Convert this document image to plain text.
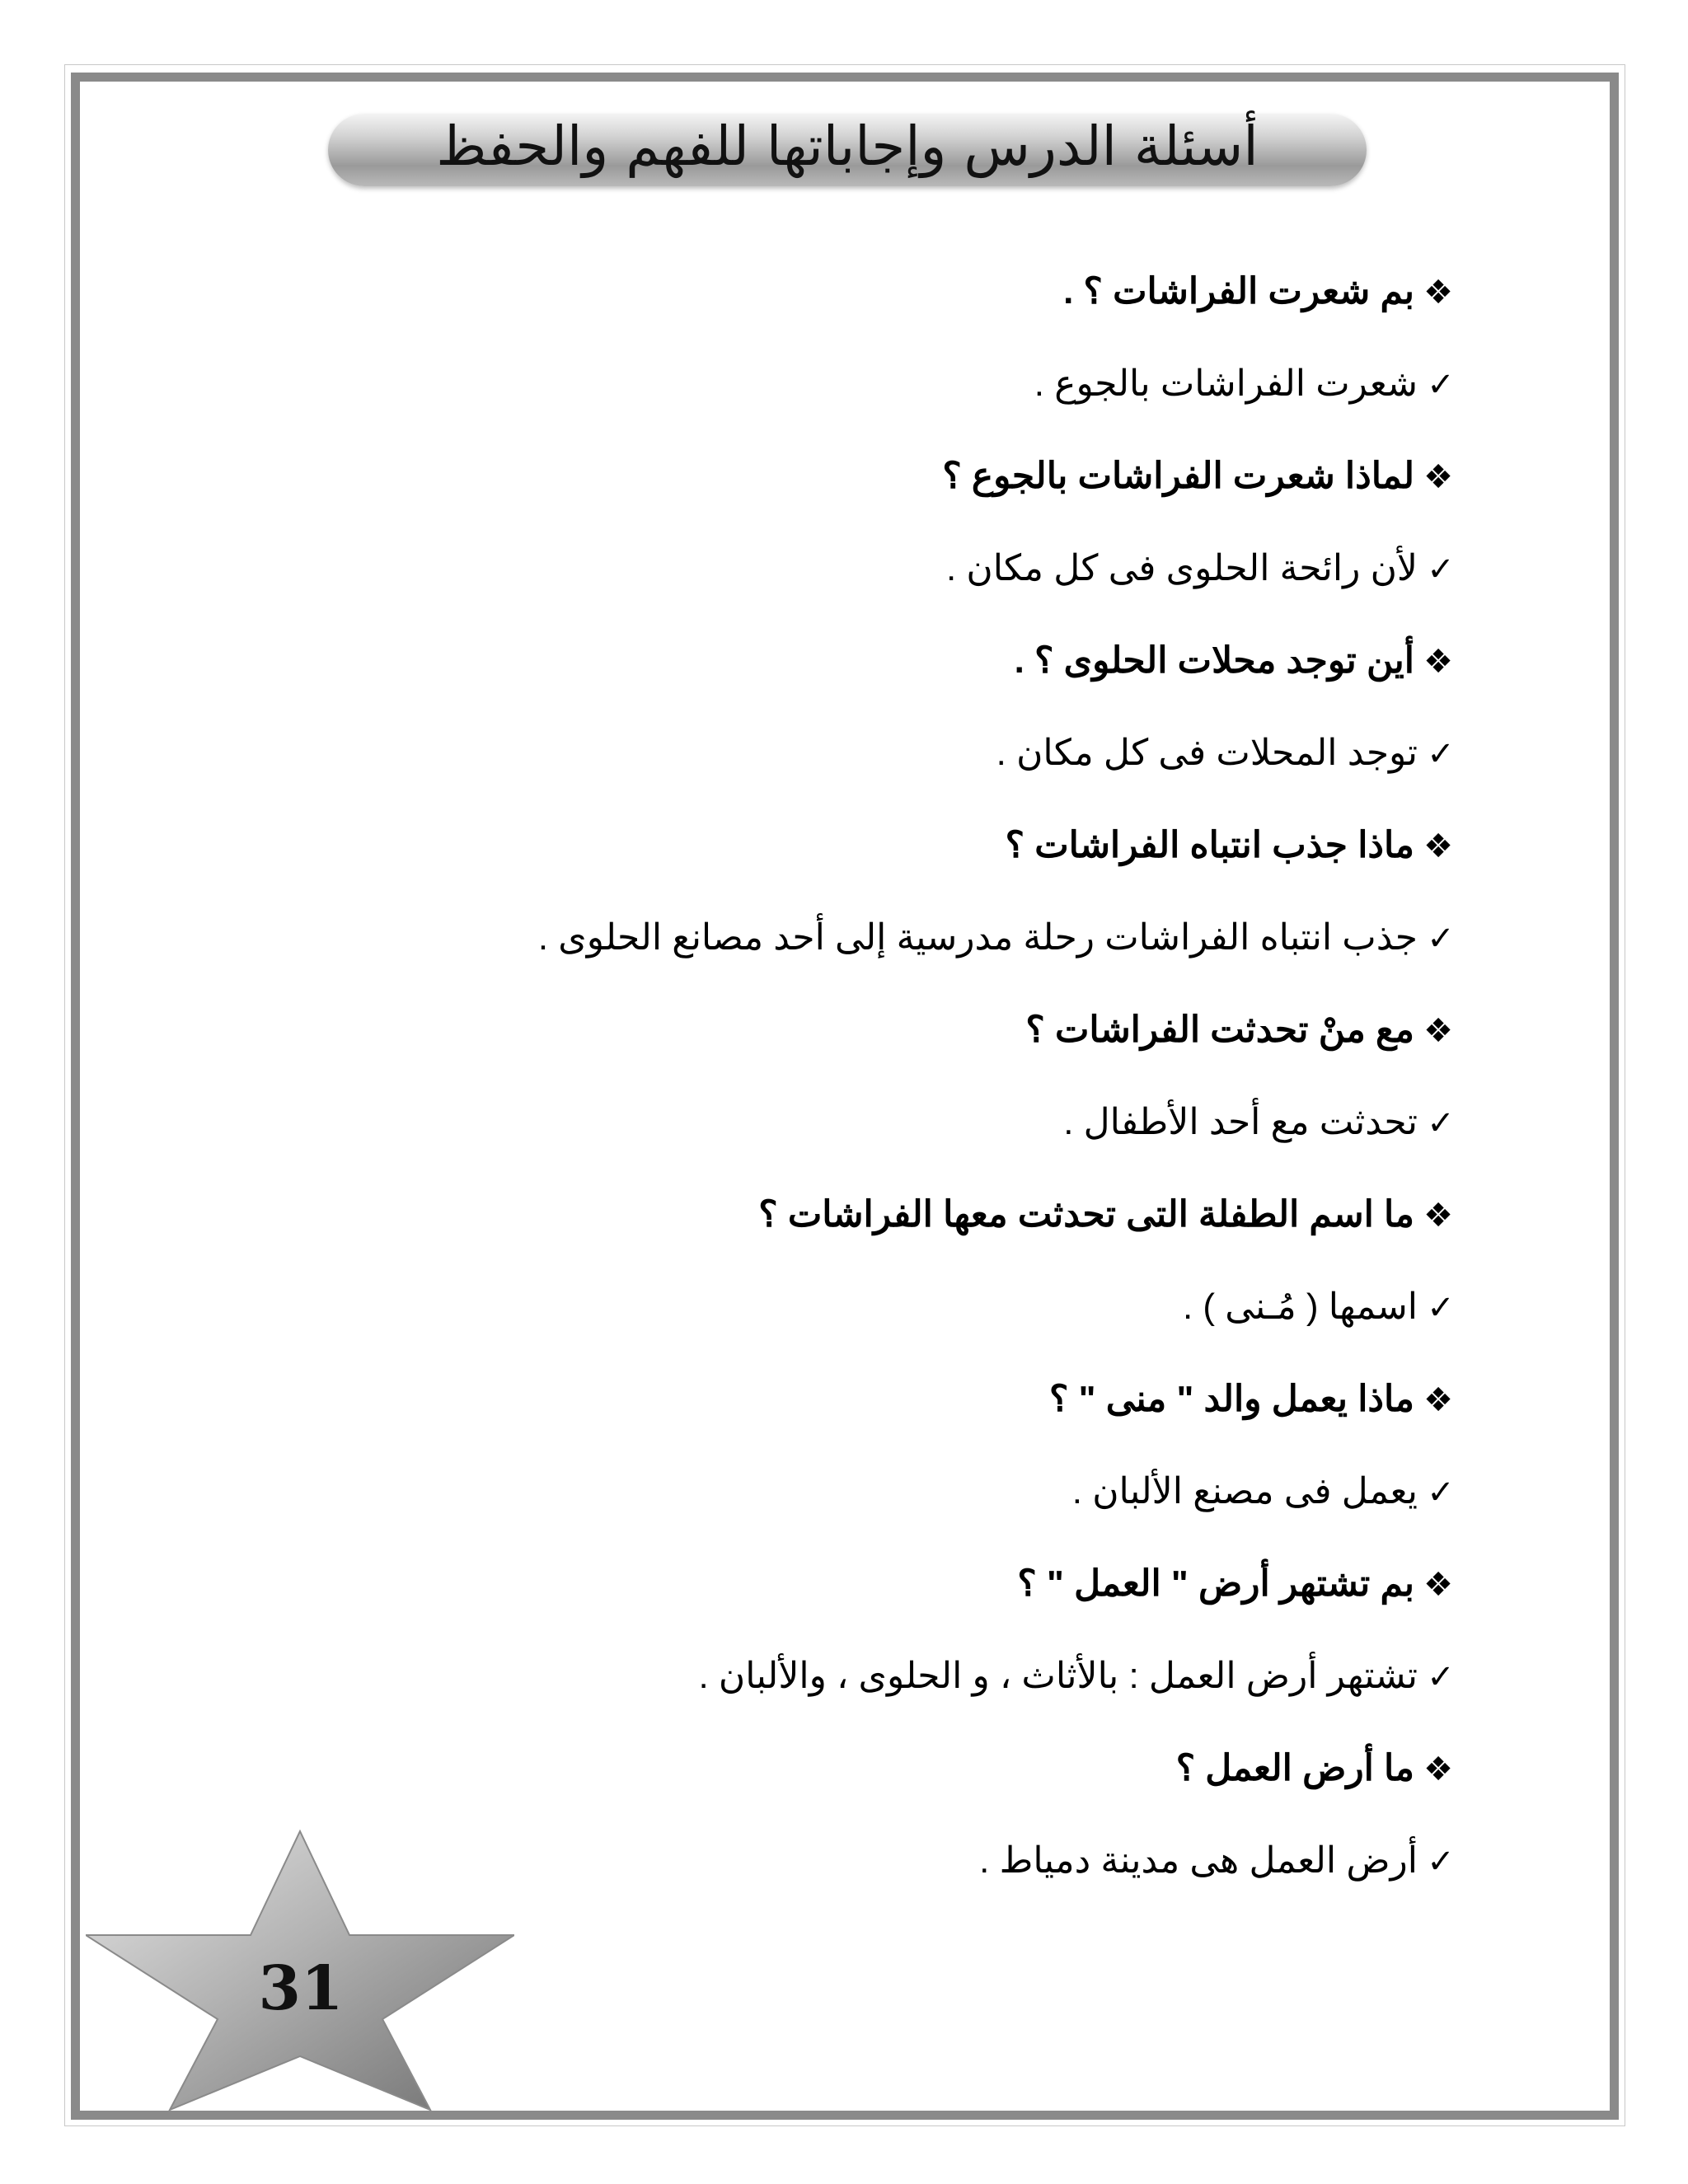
أسئلة الدرس وإجاباتها للفهم والحفظ
❖بم شعرت الفراشات ؟ .
✓شعرت الفراشات بالجوع .
❖لماذا شعرت الفراشات بالجوع ؟
✓لأن رائحة الحلوى فى كل مكان .
❖أين توجد محلات الحلوى ؟ .
✓توجد المحلات فى كل مكان .
❖ماذا جذب انتباه الفراشات ؟
✓جذب انتباه الفراشات رحلة مدرسية إلى أحد مصانع الحلوى .
❖مع منْ تحدثت الفراشات ؟
✓تحدثت مع أحد الأطفال .
❖ما اسم الطفلة التى تحدثت معها الفراشات ؟
✓اسمها ( مُـنى ) .
❖ماذا يعمل والد " منى " ؟
✓يعمل فى مصنع الألبان .
❖بم تشتهر أرض " العمل " ؟
✓تشتهر أرض العمل : بالأثاث ، و الحلوى ، والألبان .
❖ما أرض العمل ؟
✓أرض العمل هى مدينة دمياط .
31
